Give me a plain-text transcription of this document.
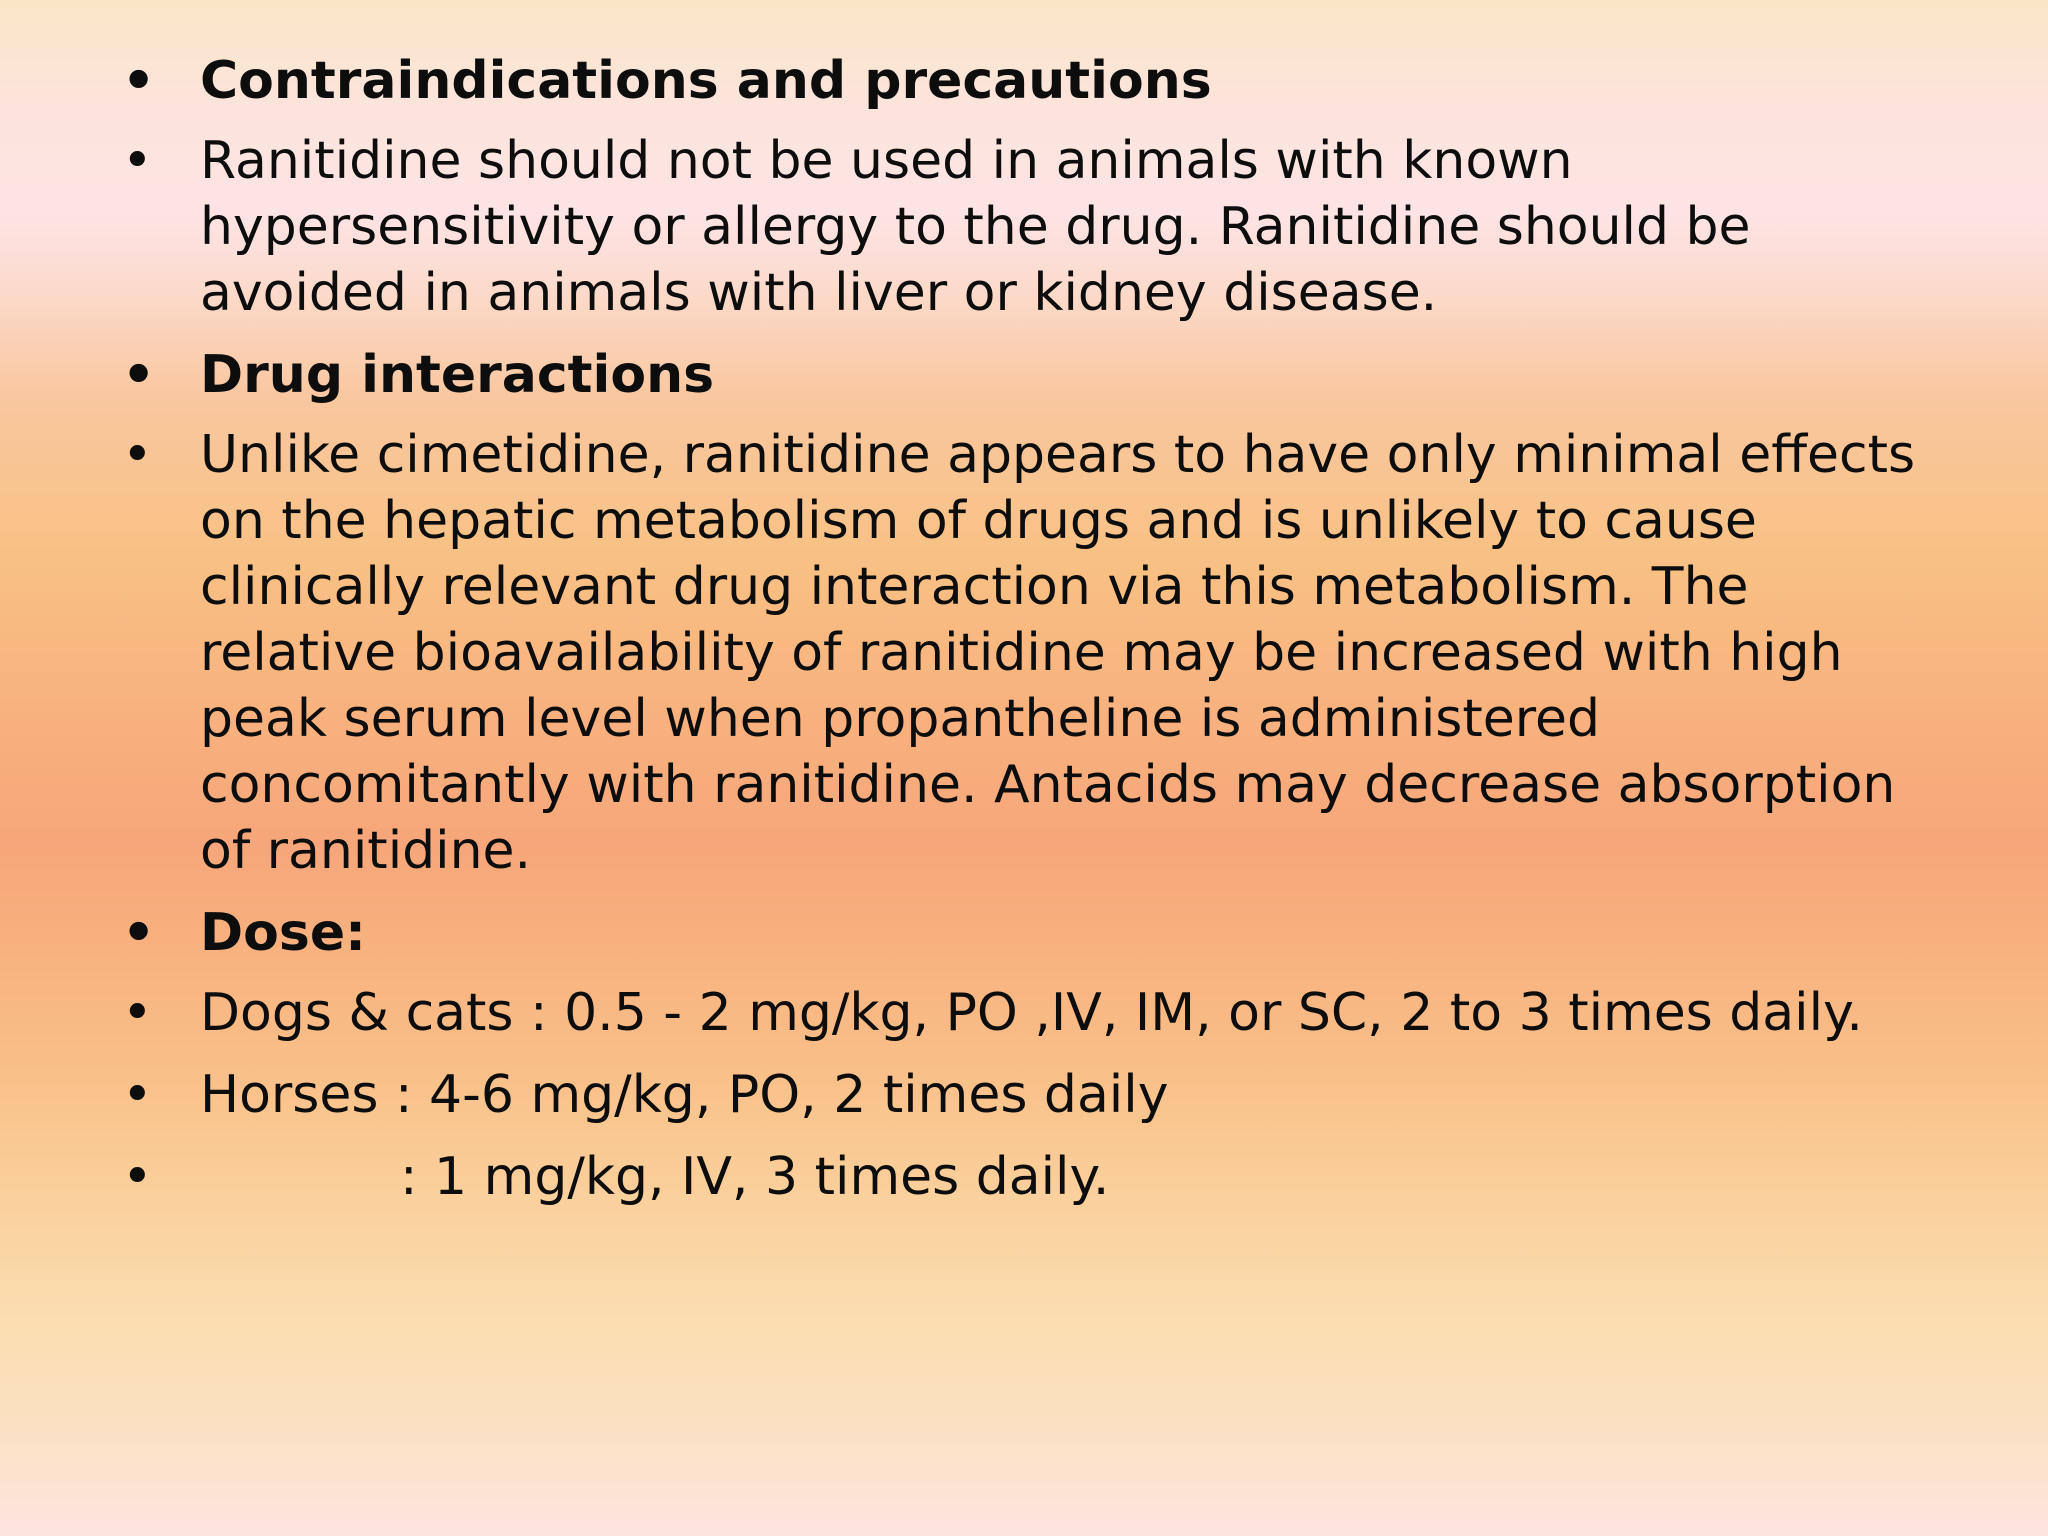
• Contraindications and precautions
• Ranitidine should not be used in animals with known hypersensitivity or allergy to the drug. Ranitidine should be avoided in animals with liver or kidney disease.
• Drug interactions
• Unlike cimetidine, ranitidine appears to have only minimal effects on the hepatic metabolism of drugs and is unlikely to cause clinically relevant drug interaction via this metabolism. The relative bioavailability of ranitidine may be increased with high peak serum level when propantheline is administered concomitantly with ranitidine. Antacids may decrease absorption of ranitidine.
• Dose:
• Dogs & cats : 0.5 - 2 mg/kg, PO ,IV, IM, or SC, 2 to 3 times daily.
• Horses : 4-6 mg/kg, PO, 2 times daily
•	: 1 mg/kg, IV, 3 times daily.
